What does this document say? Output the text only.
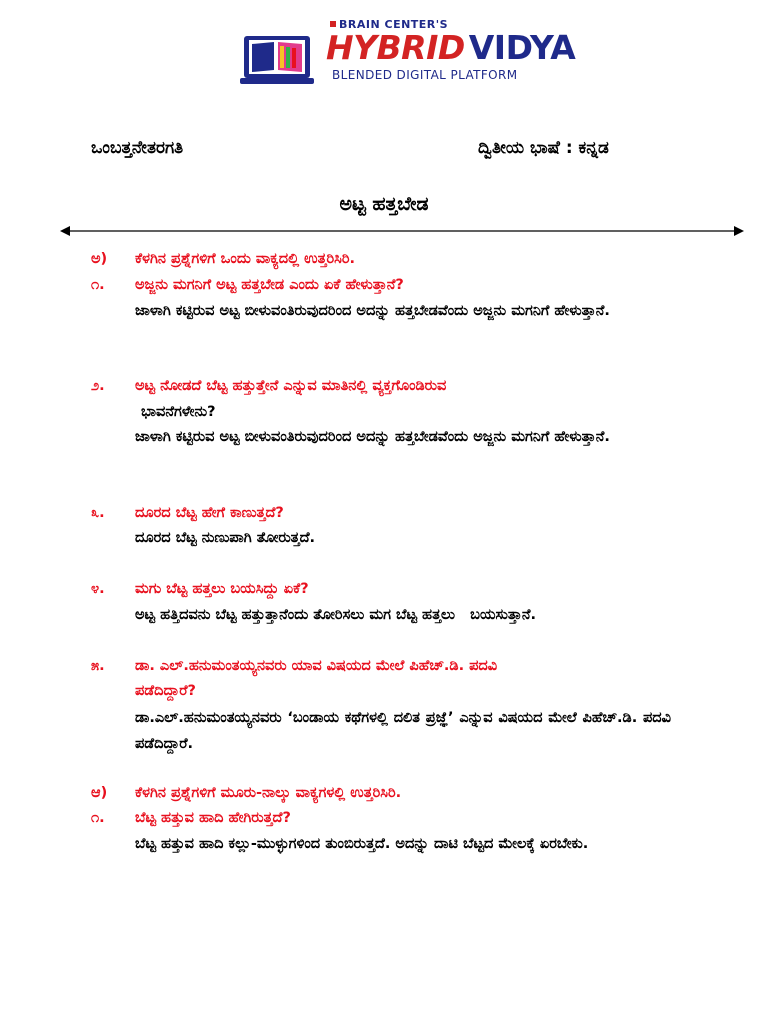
BRAIN CENTER'S
HYBRID VIDYA
BLENDED DIGITAL PLATFORM
ಒಂಬತ್ತನೇತರಗತಿ	ದ್ವಿತೀಯ ಭಾಷೆ : ಕನ್ನಡ
ಅಟ್ಟ ಹತ್ತಬೇಡ
ಅ) ಕೆಳಗಿನ ಪ್ರಶ್ನೆಗಳಿಗೆ ಒಂದು ವಾಕ್ಯದಲ್ಲಿ ಉತ್ತರಿಸಿರಿ.
೧. ಅಜ್ಜನು ಮಗನಿಗೆ ಅಟ್ಟ ಹತ್ತಬೇಡ ಎಂದು ಏಕೆ ಹೇಳುತ್ತಾನೆ?
ಜಾಳಾಗಿ ಕಟ್ಟಿರುವ ಅಟ್ಟ ಬೀಳುವಂತಿರುವುದರಿಂದ ಅದನ್ನು ಹತ್ತಬೇಡವೆಂದು ಅಜ್ಜನು ಮಗನಿಗೆ ಹೇಳುತ್ತಾನೆ.
೨. ಅಟ್ಟ ನೋಡದೆ ಬೆಟ್ಟ ಹತ್ತುತ್ತೇನೆ ಎನ್ನುವ ಮಾತಿನಲ್ಲಿ ವ್ಯಕ್ತಗೊಂಡಿರುವ
ಭಾವನೆಗಳೇನು?
ಜಾಳಾಗಿ ಕಟ್ಟಿರುವ ಅಟ್ಟ ಬೀಳುವಂತಿರುವುದರಿಂದ ಅದನ್ನು ಹತ್ತಬೇಡವೆಂದು ಅಜ್ಜನು ಮಗನಿಗೆ ಹೇಳುತ್ತಾನೆ.
೩. ದೂರದ ಬೆಟ್ಟ ಹೇಗೆ ಕಾಣುತ್ತದೆ?
ದೂರದ ಬೆಟ್ಟ ನುಣುಪಾಗಿ ತೋರುತ್ತದೆ.
೪. ಮಗು ಬೆಟ್ಟ ಹತ್ತಲು ಬಯಸಿದ್ದು ಏಕೆ?
ಅಟ್ಟ ಹತ್ತಿದವನು ಬೆಟ್ಟ ಹತ್ತುತ್ತಾನೆಂದು ತೋರಿಸಲು ಮಗ ಬೆಟ್ಟ ಹತ್ತಲು   ಬಯಸುತ್ತಾನೆ.
೫. ಡಾ. ಎಲ್.ಹನುಮಂತಯ್ಯನವರು ಯಾವ ವಿಷಯದ ಮೇಲೆ ಪಿಹೆಚ್.ಡಿ. ಪದವಿ
ಪಡೆದಿದ್ದಾರೆ?
ಡಾ.ಎಲ್.ಹನುಮಂತಯ್ಯನವರು ‘ಬಂಡಾಯ ಕಥೆಗಳಲ್ಲಿ ದಲಿತ ಪ್ರಜ್ಞೆ’ ಎನ್ನುವ ವಿಷಯದ ಮೇಲೆ ಪಿಹೆಚ್.ಡಿ. ಪದವಿ ಪಡೆದಿದ್ದಾರೆ.
ಆ) ಕೆಳಗಿನ ಪ್ರಶ್ನೆಗಳಿಗೆ ಮೂರು-ನಾಲ್ಕು ವಾಕ್ಯಗಳಲ್ಲಿ ಉತ್ತರಿಸಿರಿ.
೧. ಬೆಟ್ಟ ಹತ್ತುವ ಹಾದಿ ಹೇಗಿರುತ್ತದೆ?
ಬೆಟ್ಟ ಹತ್ತುವ ಹಾದಿ ಕಲ್ಲು-ಮುಳ್ಳುಗಳಿಂದ ತುಂಬಿರುತ್ತದೆ. ಅದನ್ನು ದಾಟಿ ಬೆಟ್ಟದ ಮೇಲಕ್ಕೆ ಏರಬೇಕು.
